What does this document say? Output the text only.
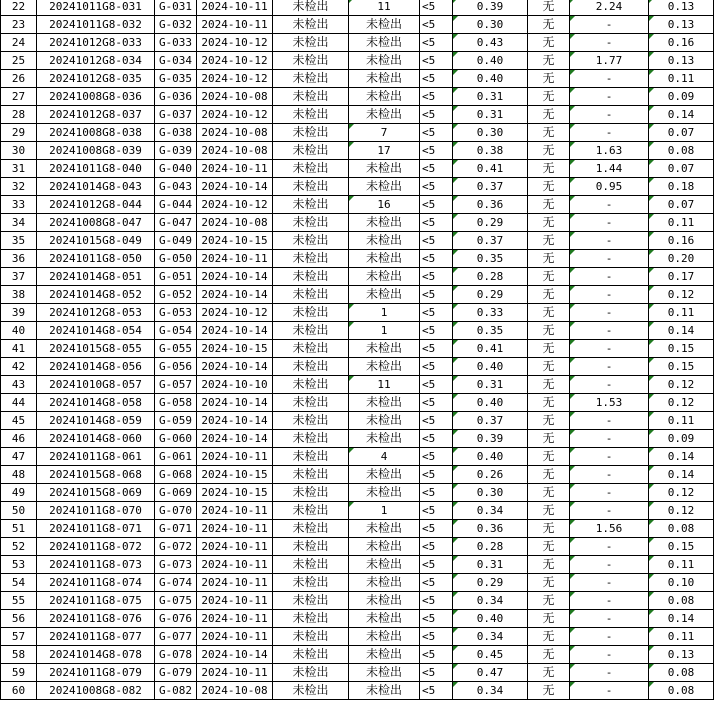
22	20241011G8-031	G-031	2024-10-11	未检出	11	<5	0.39	无	2.24	0.13
23	20241011G8-032	G-032	2024-10-11	未检出	未检出	<5	0.30	无	-	0.13
24	20241012G8-033	G-033	2024-10-12	未检出	未检出	<5	0.43	无	-	0.16
25	20241012G8-034	G-034	2024-10-12	未检出	未检出	<5	0.40	无	1.77	0.13
26	20241012G8-035	G-035	2024-10-12	未检出	未检出	<5	0.40	无	-	0.11
27	20241008G8-036	G-036	2024-10-08	未检出	未检出	<5	0.31	无	-	0.09
28	20241012G8-037	G-037	2024-10-12	未检出	未检出	<5	0.31	无	-	0.14
29	20241008G8-038	G-038	2024-10-08	未检出	7	<5	0.30	无	-	0.07
30	20241008G8-039	G-039	2024-10-08	未检出	17	<5	0.38	无	1.63	0.08
31	20241011G8-040	G-040	2024-10-11	未检出	未检出	<5	0.41	无	1.44	0.07
32	20241014G8-043	G-043	2024-10-14	未检出	未检出	<5	0.37	无	0.95	0.18
33	20241012G8-044	G-044	2024-10-12	未检出	16	<5	0.36	无	-	0.07
34	20241008G8-047	G-047	2024-10-08	未检出	未检出	<5	0.29	无	-	0.11
35	20241015G8-049	G-049	2024-10-15	未检出	未检出	<5	0.37	无	-	0.16
36	20241011G8-050	G-050	2024-10-11	未检出	未检出	<5	0.35	无	-	0.20
37	20241014G8-051	G-051	2024-10-14	未检出	未检出	<5	0.28	无	-	0.17
38	20241014G8-052	G-052	2024-10-14	未检出	未检出	<5	0.29	无	-	0.12
39	20241012G8-053	G-053	2024-10-12	未检出	1	<5	0.33	无	-	0.11
40	20241014G8-054	G-054	2024-10-14	未检出	1	<5	0.35	无	-	0.14
41	20241015G8-055	G-055	2024-10-15	未检出	未检出	<5	0.41	无	-	0.15
42	20241014G8-056	G-056	2024-10-14	未检出	未检出	<5	0.40	无	-	0.15
43	20241010G8-057	G-057	2024-10-10	未检出	11	<5	0.31	无	-	0.12
44	20241014G8-058	G-058	2024-10-14	未检出	未检出	<5	0.40	无	1.53	0.12
45	20241014G8-059	G-059	2024-10-14	未检出	未检出	<5	0.37	无	-	0.11
46	20241014G8-060	G-060	2024-10-14	未检出	未检出	<5	0.39	无	-	0.09
47	20241011G8-061	G-061	2024-10-11	未检出	4	<5	0.40	无	-	0.14
48	20241015G8-068	G-068	2024-10-15	未检出	未检出	<5	0.26	无	-	0.14
49	20241015G8-069	G-069	2024-10-15	未检出	未检出	<5	0.30	无	-	0.12
50	20241011G8-070	G-070	2024-10-11	未检出	1	<5	0.34	无	-	0.12
51	20241011G8-071	G-071	2024-10-11	未检出	未检出	<5	0.36	无	1.56	0.08
52	20241011G8-072	G-072	2024-10-11	未检出	未检出	<5	0.28	无	-	0.15
53	20241011G8-073	G-073	2024-10-11	未检出	未检出	<5	0.31	无	-	0.11
54	20241011G8-074	G-074	2024-10-11	未检出	未检出	<5	0.29	无	-	0.10
55	20241011G8-075	G-075	2024-10-11	未检出	未检出	<5	0.34	无	-	0.08
56	20241011G8-076	G-076	2024-10-11	未检出	未检出	<5	0.40	无	-	0.14
57	20241011G8-077	G-077	2024-10-11	未检出	未检出	<5	0.34	无	-	0.11
58	20241014G8-078	G-078	2024-10-14	未检出	未检出	<5	0.45	无	-	0.13
59	20241011G8-079	G-079	2024-10-11	未检出	未检出	<5	0.47	无	-	0.08
60	20241008G8-082	G-082	2024-10-08	未检出	未检出	<5	0.34	无	-	0.08
